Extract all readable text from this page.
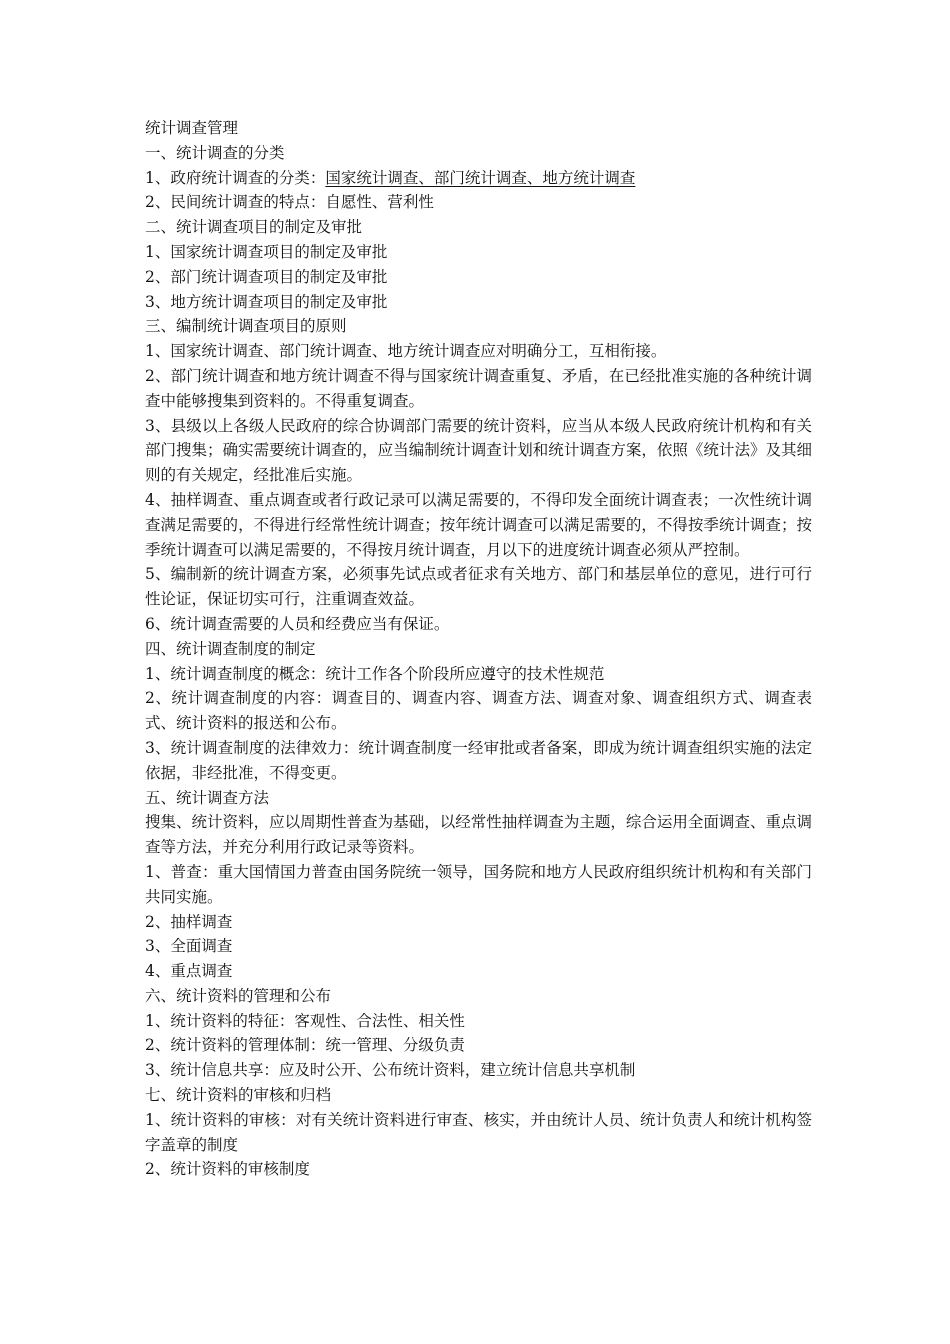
统计调查管理

一、统计调查的分类

1、政府统计调查的分类：国家统计调查、部门统计调查、地方统计调查

2、民间统计调查的特点：自愿性、营利性

二、统计调查项目的制定及审批

1、国家统计调查项目的制定及审批

2、部门统计调查项目的制定及审批

3、地方统计调查项目的制定及审批

三、编制统计调查项目的原则

1、国家统计调查、部门统计调查、地方统计调查应对明确分工，互相衔接。

2、部门统计调查和地方统计调查不得与国家统计调查重复、矛盾，在已经批准实施的各种统计调查中能够搜集到资料的。不得重复调查。

3、县级以上各级人民政府的综合协调部门需要的统计资料，应当从本级人民政府统计机构和有关部门搜集；确实需要统计调查的，应当编制统计调查计划和统计调查方案，依照《统计法》及其细则的有关规定，经批准后实施。

4、抽样调查、重点调查或者行政记录可以满足需要的，不得印发全面统计调查表；一次性统计调查满足需要的，不得进行经常性统计调查；按年统计调查可以满足需要的，不得按季统计调查；按季统计调查可以满足需要的，不得按月统计调查，月以下的进度统计调查必须从严控制。

5、编制新的统计调查方案，必须事先试点或者征求有关地方、部门和基层单位的意见，进行可行性论证，保证切实可行，注重调查效益。

6、统计调查需要的人员和经费应当有保证。

四、统计调查制度的制定

1、统计调查制度的概念：统计工作各个阶段所应遵守的技术性规范

2、统计调查制度的内容：调查目的、调查内容、调查方法、调查对象、调查组织方式、调查表式、统计资料的报送和公布。

3、统计调查制度的法律效力：统计调查制度一经审批或者备案，即成为统计调查组织实施的法定依据，非经批准，不得变更。

五、统计调查方法

搜集、统计资料，应以周期性普查为基础，以经常性抽样调查为主题，综合运用全面调查、重点调查等方法，并充分利用行政记录等资料。

1、普查：重大国情国力普查由国务院统一领导，国务院和地方人民政府组织统计机构和有关部门共同实施。

2、抽样调查

3、全面调查

4、重点调查

六、统计资料的管理和公布

1、统计资料的特征：客观性、合法性、相关性

2、统计资料的管理体制：统一管理、分级负责

3、统计信息共享：应及时公开、公布统计资料，建立统计信息共享机制

七、统计资料的审核和归档

1、统计资料的审核：对有关统计资料进行审查、核实，并由统计人员、统计负责人和统计机构签字盖章的制度

2、统计资料的审核制度
